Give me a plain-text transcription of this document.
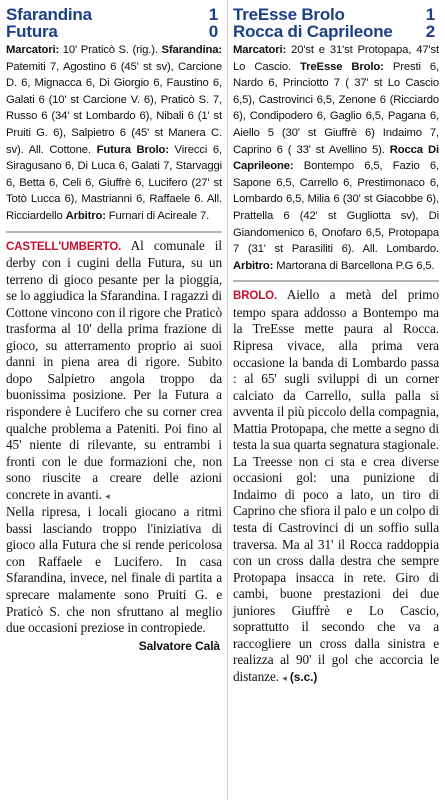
Sfarandina	1
Futura	0
Marcatori: 10' Praticò S. (rig.). Sfarandina: Patemiti 7, Agostino 6 (45' st sv), Carcione D. 6, Mignacca 6, Di Giorgio 6, Faustino 6, Galati 6 (10' st Carcione V. 6), Praticò S. 7, Russo 6 (34' st Lombardo 6), Nibali 6 (1' st Pruiti G. 6), Salpietro 6 (45' st Manera C. sv). All. Cottone. Futura Brolo: Virecci 6, Siragusano 6, Di Luca 6, Galati 7, Starvaggi 6, Betta 6, Celi 6, Giuffrè 6, Lucifero (27' st Totò Lucca 6), Mastrianni 6, Raffaele 6. All. Ricciardello Arbitro: Furnari di Acireale 7.

CASTELL'UMBERTO. Al comunale il derby con i cugini della Futura, su un terreno di gioco pesante per la pioggia, se lo aggiudica la Sfarandina. I ragazzi di Cottone vincono con il rigore che Praticò trasforma al 10' della prima frazione di gioco, su atterramento proprio ai suoi danni in piena area di rigore. Subito dopo Salpietro angola troppo da buonissima posizione. Per la Futura a rispondere è Lucifero che su corner crea qualche problema a Pateniti. Poi fino al 45' niente di rilevante, su entrambi i fronti con le due formazioni che, non sono riuscite a creare delle azioni concrete in avanti. ◂

Nella ripresa, i locali giocano a ritmi bassi lasciando troppo l'iniziativa di gioco alla Futura che si rende pericolosa con Raffaele e Lucifero. In casa Sfarandina, invece, nel finale di partita a sprecare malamente sono Pruiti G. e Praticò S. che non sfruttano al meglio due occasioni preziose in contropiede.

Salvatore Calà
TreEsse Brolo	1
Rocca di Caprileone 2
Marcatori: 20'st e 31'st Protopapa, 47'st Lo Cascio. TreEsse Brolo: Presti 6, Nardo 6, Princiotto 7 ( 37' st Lo Cascio 6,5), Castrovinci 6,5, Zenone 6 (Ricciardo 6), Condipodero 6, Gaglio 6,5, Pagana 6, Aiello 5 (30' st Giuffrè 6) Indaimo 7, Caprino 6 ( 33' st Avellino 5). Rocca Di Caprileone: Bontempo 6,5, Fazio 6, Sapone 6,5, Carrello 6, Prestimonaco 6, Lombardo 6,5, Milia 6 (30' st Giacobbe 6), Prattella 6 (42' st Gugliotta sv), Di Giandomenico 6, Onofaro 6,5, Protopapa 7 (31' st Parasiliti 6). All. Lombardo. Arbitro: Martorana di Barcellona P.G 6,5.

BROLO. Aiello a metà del primo tempo spara addosso a Bontempo ma la TreEsse mette paura al Rocca. Ripresa vivace, alla prima vera occasione la banda di Lombardo passa : al 65' sugli sviluppi di un corner calciato da Carrello, sulla palla si avventa il più piccolo della compagnia, Mattia Protopapa, che mette a segno di testa la sua quarta segnatura stagionale. La Treesse non ci sta e crea diverse occasioni gol: una punizione di Indaimo di poco a lato, un tiro di Caprino che sfiora il palo e un colpo di testa di Castrovinci di un soffio sulla traversa. Ma al 31' il Rocca raddoppia con un cross dalla destra che sempre Protopapa insacca in rete. Giro di cambi, buone prestazioni dei due juniores Giuffrè e Lo Cascio, soprattutto il secondo che va a raccogliere un cross dalla sinistra e realizza al 90' il gol che accorcia le distanze. ◂ (s.c.)
